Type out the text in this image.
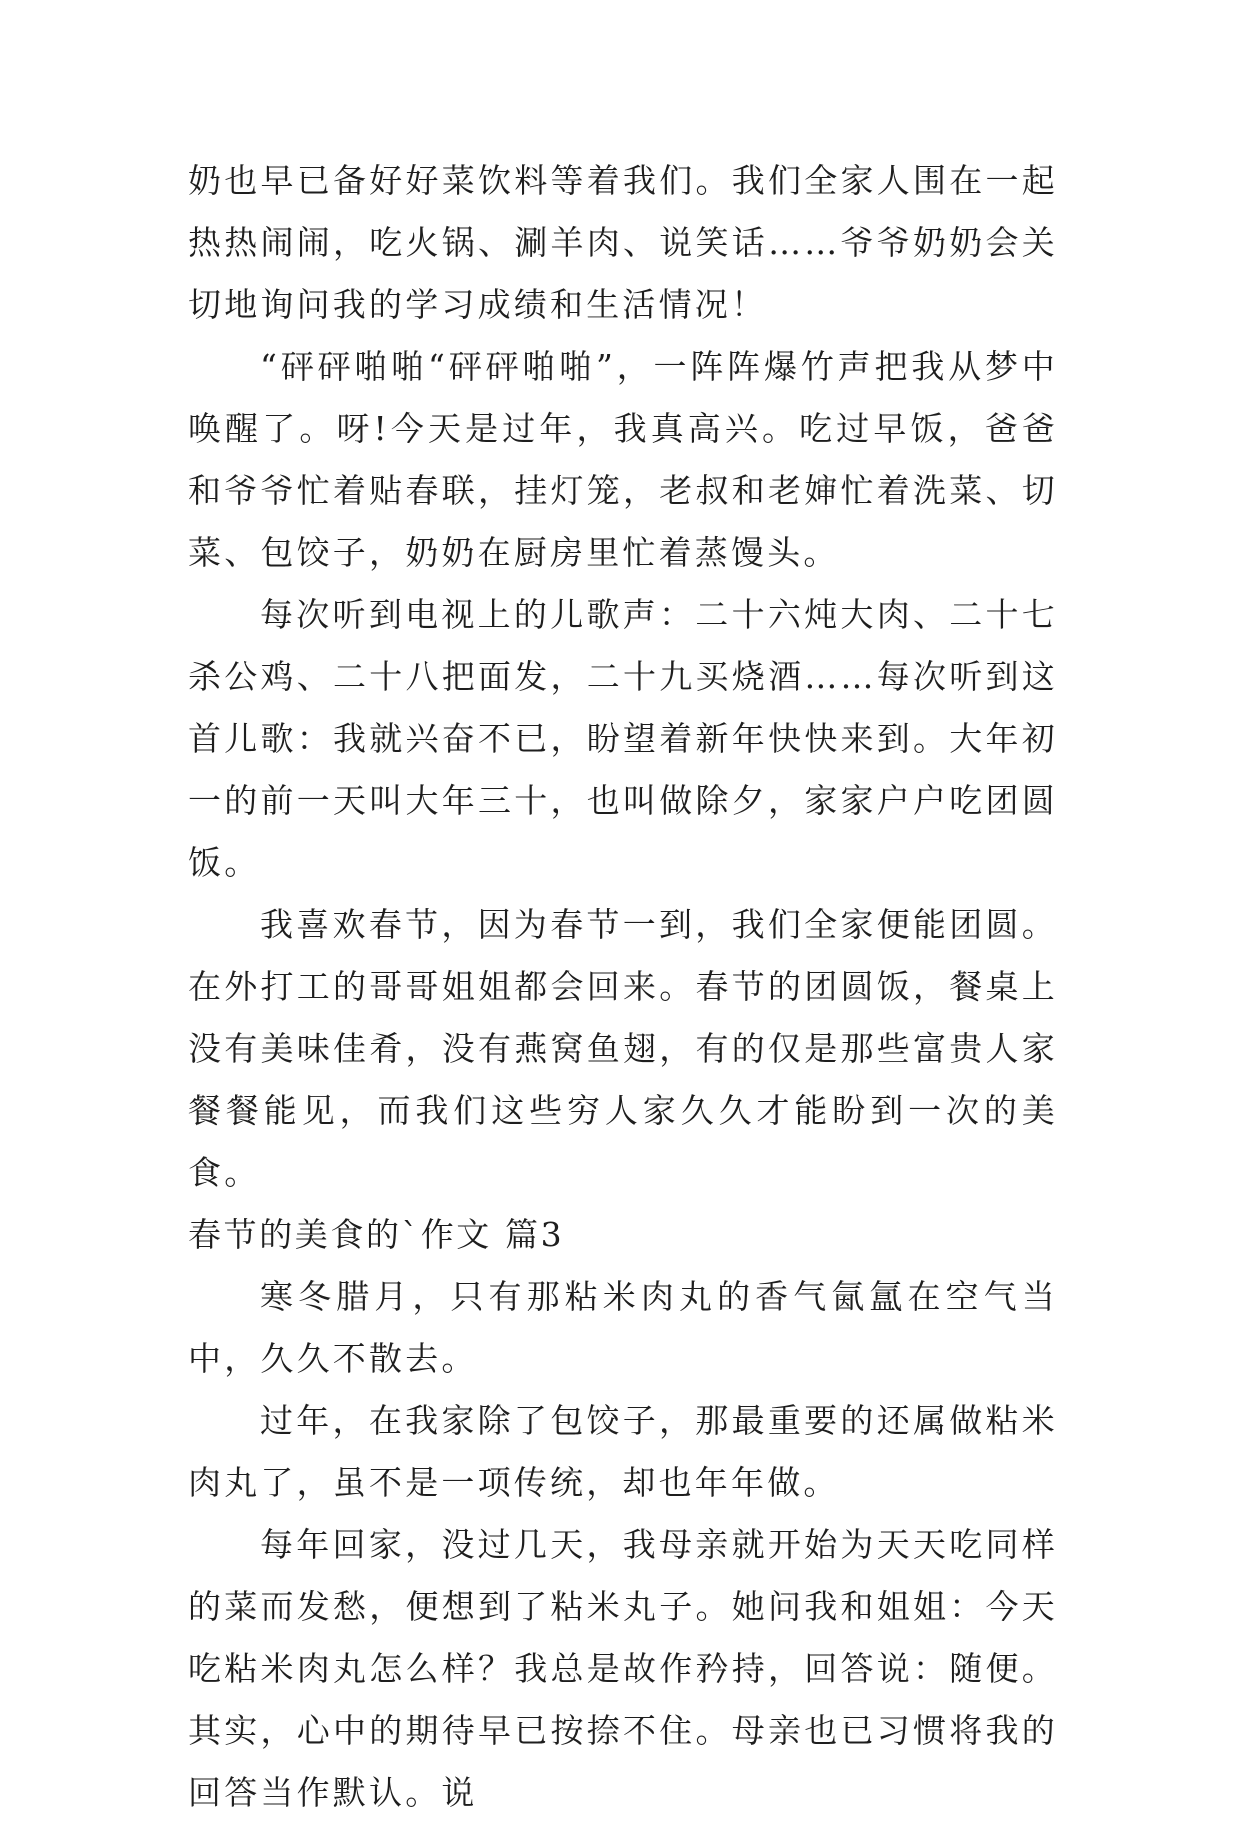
奶也早已备好好菜饮料等着我们。我们全家人围在一起热热闹闹，吃火锅、涮羊肉、说笑话……爷爷奶奶会关切地询问我的学习成绩和生活情况！

“砰砰啪啪“砰砰啪啪”，一阵阵爆竹声把我从梦中唤醒了。呀!今天是过年，我真高兴。吃过早饭，爸爸和爷爷忙着贴春联，挂灯笼，老叔和老婶忙着洗菜、切菜、包饺子，奶奶在厨房里忙着蒸馒头。

每次听到电视上的儿歌声：二十六炖大肉、二十七杀公鸡、二十八把面发，二十九买烧酒……每次听到这首儿歌：我就兴奋不已，盼望着新年快快来到。大年初一的前一天叫大年三十，也叫做除夕，家家户户吃团圆饭。

我喜欢春节，因为春节一到，我们全家便能团圆。在外打工的哥哥姐姐都会回来。春节的团圆饭，餐桌上没有美味佳肴，没有燕窝鱼翅，有的仅是那些富贵人家餐餐能见，而我们这些穷人家久久才能盼到一次的美食。

春节的美食的`作文 篇3

寒冬腊月，只有那粘米肉丸的香气氤氲在空气当中，久久不散去。

过年，在我家除了包饺子，那最重要的还属做粘米肉丸了，虽不是一项传统，却也年年做。

每年回家，没过几天，我母亲就开始为天天吃同样的菜而发愁，便想到了粘米丸子。她问我和姐姐：今天吃粘米肉丸怎么样？我总是故作矜持，回答说：随便。其实，心中的期待早已按捺不住。母亲也已习惯将我的回答当作默认。说
